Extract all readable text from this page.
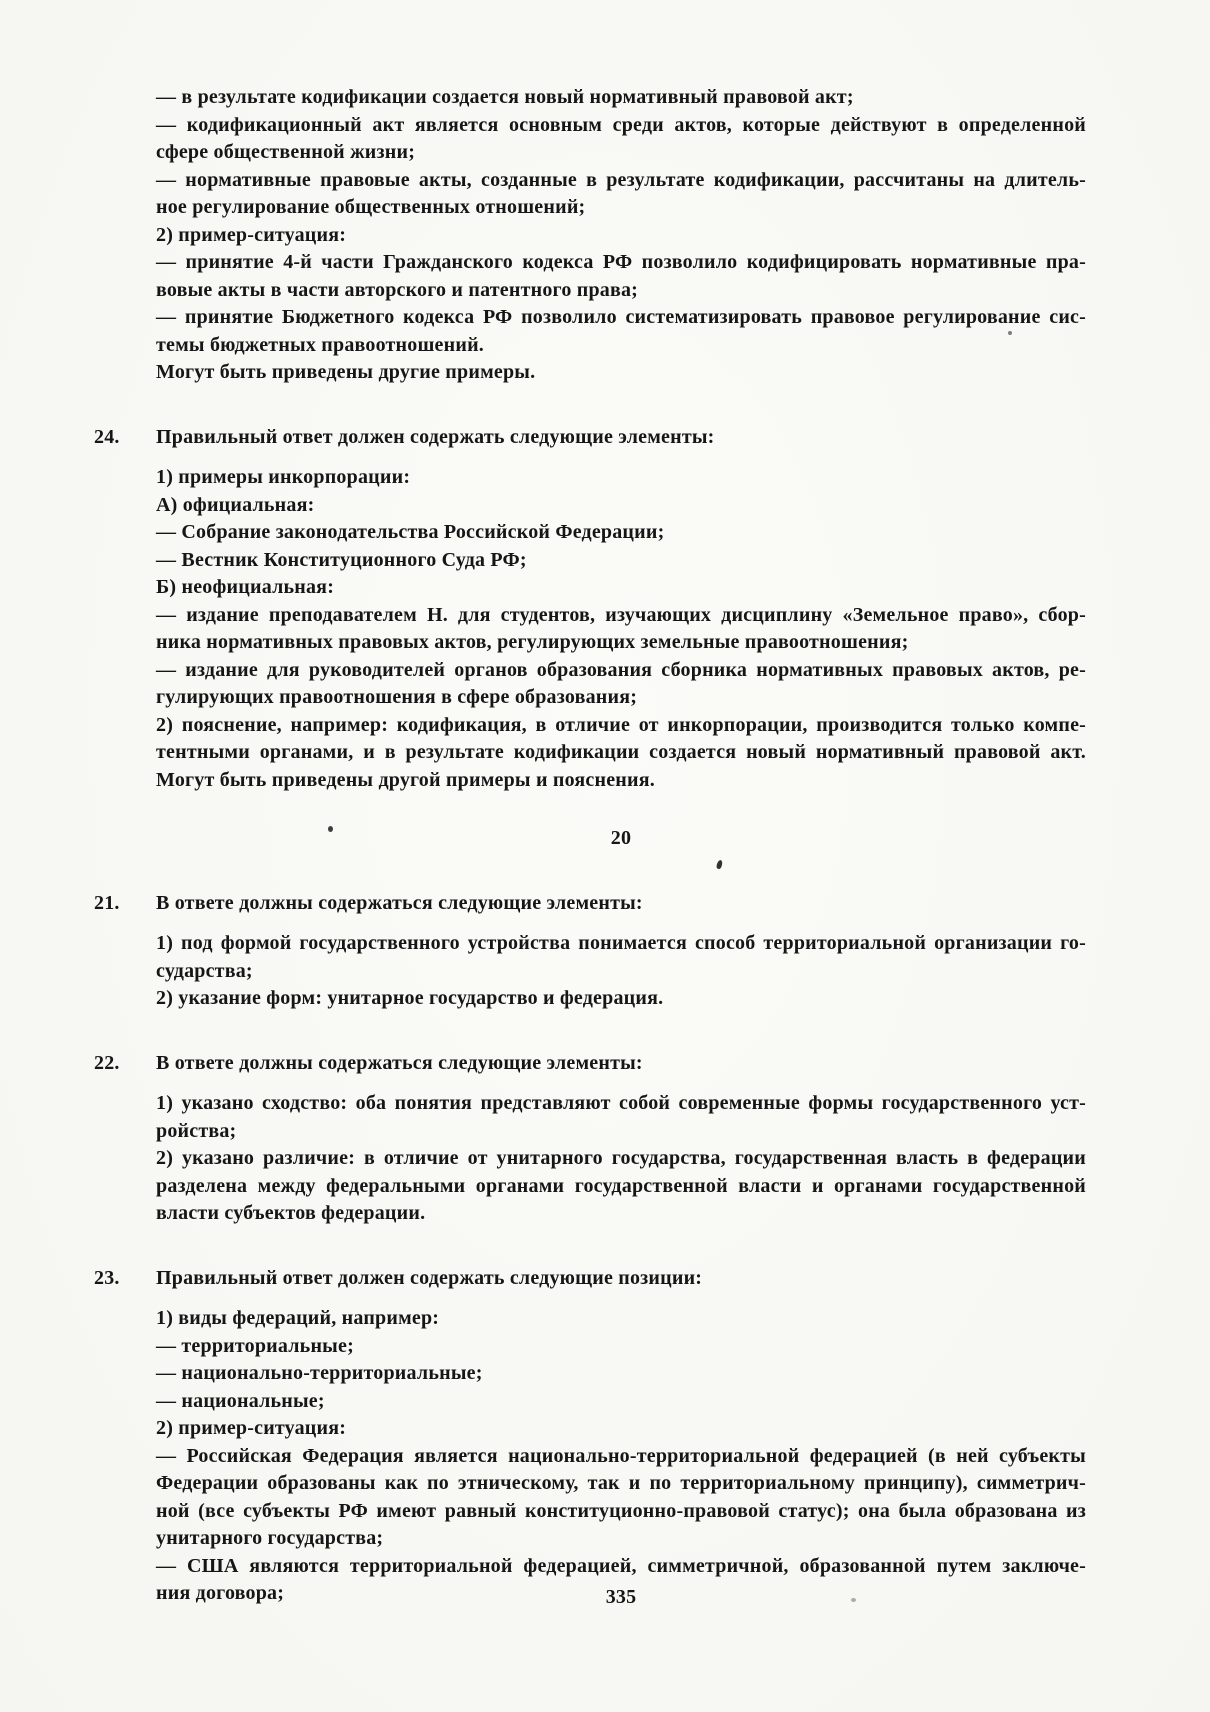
— в результате кодификации создается новый нормативный правовой акт;
— кодификационный акт является основным среди актов, которые действуют в определенной
сфере общественной жизни;
— нормативные правовые акты, созданные в результате кодификации, рассчитаны на длитель-
ное регулирование общественных отношений;
2) пример-ситуация:
— принятие 4-й части Гражданского кодекса РФ позволило кодифицировать нормативные пра-
вовые акты в части авторского и патентного права;
— принятие Бюджетного кодекса РФ позволило систематизировать правовое регулирование сис-
темы бюджетных правоотношений.
Могут быть приведены другие примеры.
24. Правильный ответ должен содержать следующие элементы:
1) примеры инкорпорации:
А) официальная:
— Собрание законодательства Российской Федерации;
— Вестник Конституционного Суда РФ;
Б) неофициальная:
— издание преподавателем Н. для студентов, изучающих дисциплину «Земельное право», сбор-
ника нормативных правовых актов, регулирующих земельные правоотношения;
— издание для руководителей органов образования сборника нормативных правовых актов, ре-
гулирующих правоотношения в сфере образования;
2) пояснение, например: кодификация, в отличие от инкорпорации, производится только компе-
тентными органами, и в результате кодификации создается новый нормативный правовой акт.
Могут быть приведены другой примеры и пояснения.
20
21. В ответе должны содержаться следующие элементы:
1) под формой государственного устройства понимается способ территориальной организации го-
сударства;
2) указание форм: унитарное государство и федерация.
22. В ответе должны содержаться следующие элементы:
1) указано сходство: оба понятия представляют собой современные формы государственного уст-
ройства;
2) указано различие: в отличие от унитарного государства, государственная власть в федерации
разделена между федеральными органами государственной власти и органами государственной
власти субъектов федерации.
23. Правильный ответ должен содержать следующие позиции:
1) виды федераций, например:
— территориальные;
— национально-территориальные;
— национальные;
2) пример-ситуация:
— Российская Федерация является национально-территориальной федерацией (в ней субъекты
Федерации образованы как по этническому, так и по территориальному принципу), симметрич-
ной (все субъекты РФ имеют равный конституционно-правовой статус); она была образована из
унитарного государства;
— США являются территориальной федерацией, симметричной, образованной путем заключе-
ния договора;	335
